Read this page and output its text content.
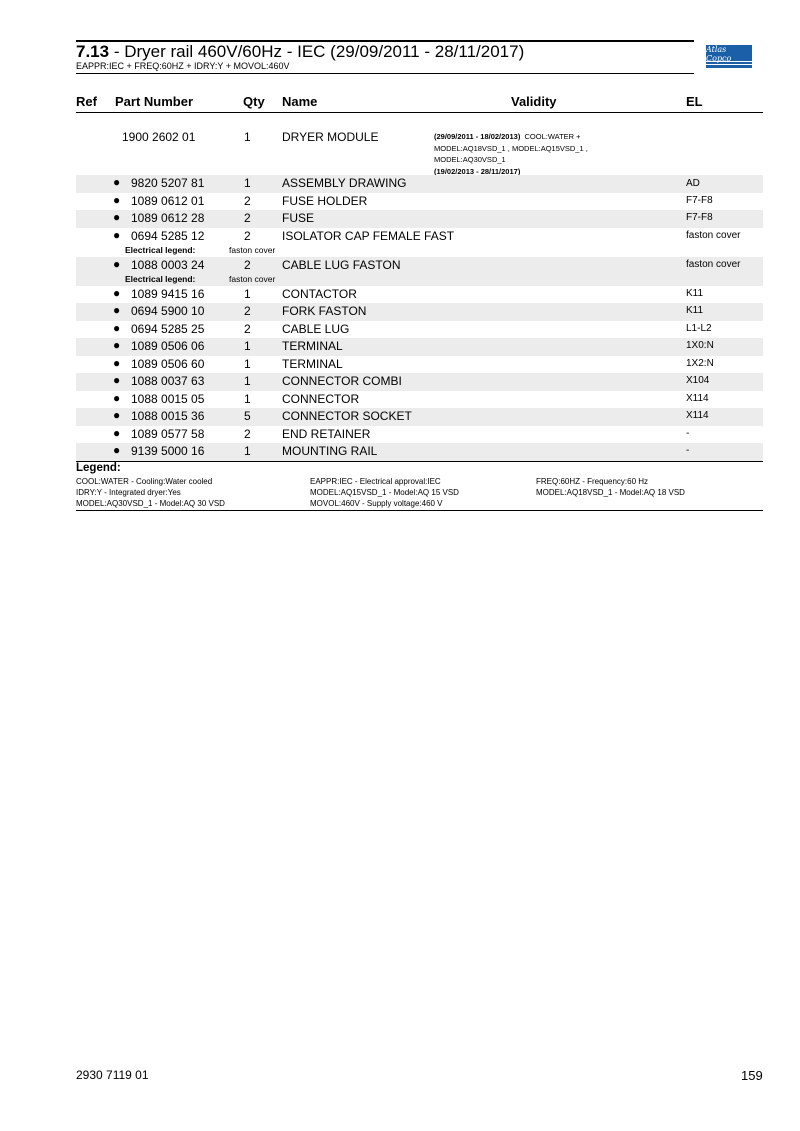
7.13 - Dryer rail 460V/60Hz - IEC (29/09/2011 - 28/11/2017)
EAPPR:IEC + FREQ:60HZ + IDRY:Y + MOVOL:460V
Atlas Copco
Ref Part Number	Qty Name	Validity	EL
1900 2602 01	1	DRYER MODULE	(29/09/2011 - 18/02/2013) COOL:WATER +
MODEL:AQ18VSD_1 , MODEL:AQ15VSD_1 ,
MODEL:AQ30VSD_1
(19/02/2013 - 28/11/2017)
● 9820 5207 81	1	ASSEMBLY DRAWING	AD
● 1089 0612 01	2	FUSE HOLDER	F7-F8
● 1089 0612 28	2	FUSE	F7-F8
● 0694 5285 12	2	ISOLATOR CAP FEMALE FAST	faston cover
Electrical legend:	faston cover
● 1088 0003 24	2	CABLE LUG FASTON	faston cover
Electrical legend:	faston cover
● 1089 9415 16	1	CONTACTOR	K11
● 0694 5900 10	2	FORK FASTON	K11
● 0694 5285 25	2	CABLE LUG	L1-L2
● 1089 0506 06	1	TERMINAL	1X0:N
● 1089 0506 60	1	TERMINAL	1X2:N
● 1088 0037 63	1	CONNECTOR COMBI	X104
● 1088 0015 05	1	CONNECTOR	X114
● 1088 0015 36	5	CONNECTOR SOCKET	X114
● 1089 0577 58	2	END RETAINER	-
● 9139 5000 16	1	MOUNTING RAIL	-
Legend:
COOL:WATER - Cooling:Water cooled
IDRY:Y - Integrated dryer:Yes
MODEL:AQ30VSD_1 - Model:AQ 30 VSD
EAPPR:IEC - Electrical approval:IEC
MODEL:AQ15VSD_1 - Model:AQ 15 VSD
MOVOL:460V - Supply voltage:460 V
FREQ:60HZ - Frequency:60 Hz
MODEL:AQ18VSD_1 - Model:AQ 18 VSD
2930 7119 01	159
